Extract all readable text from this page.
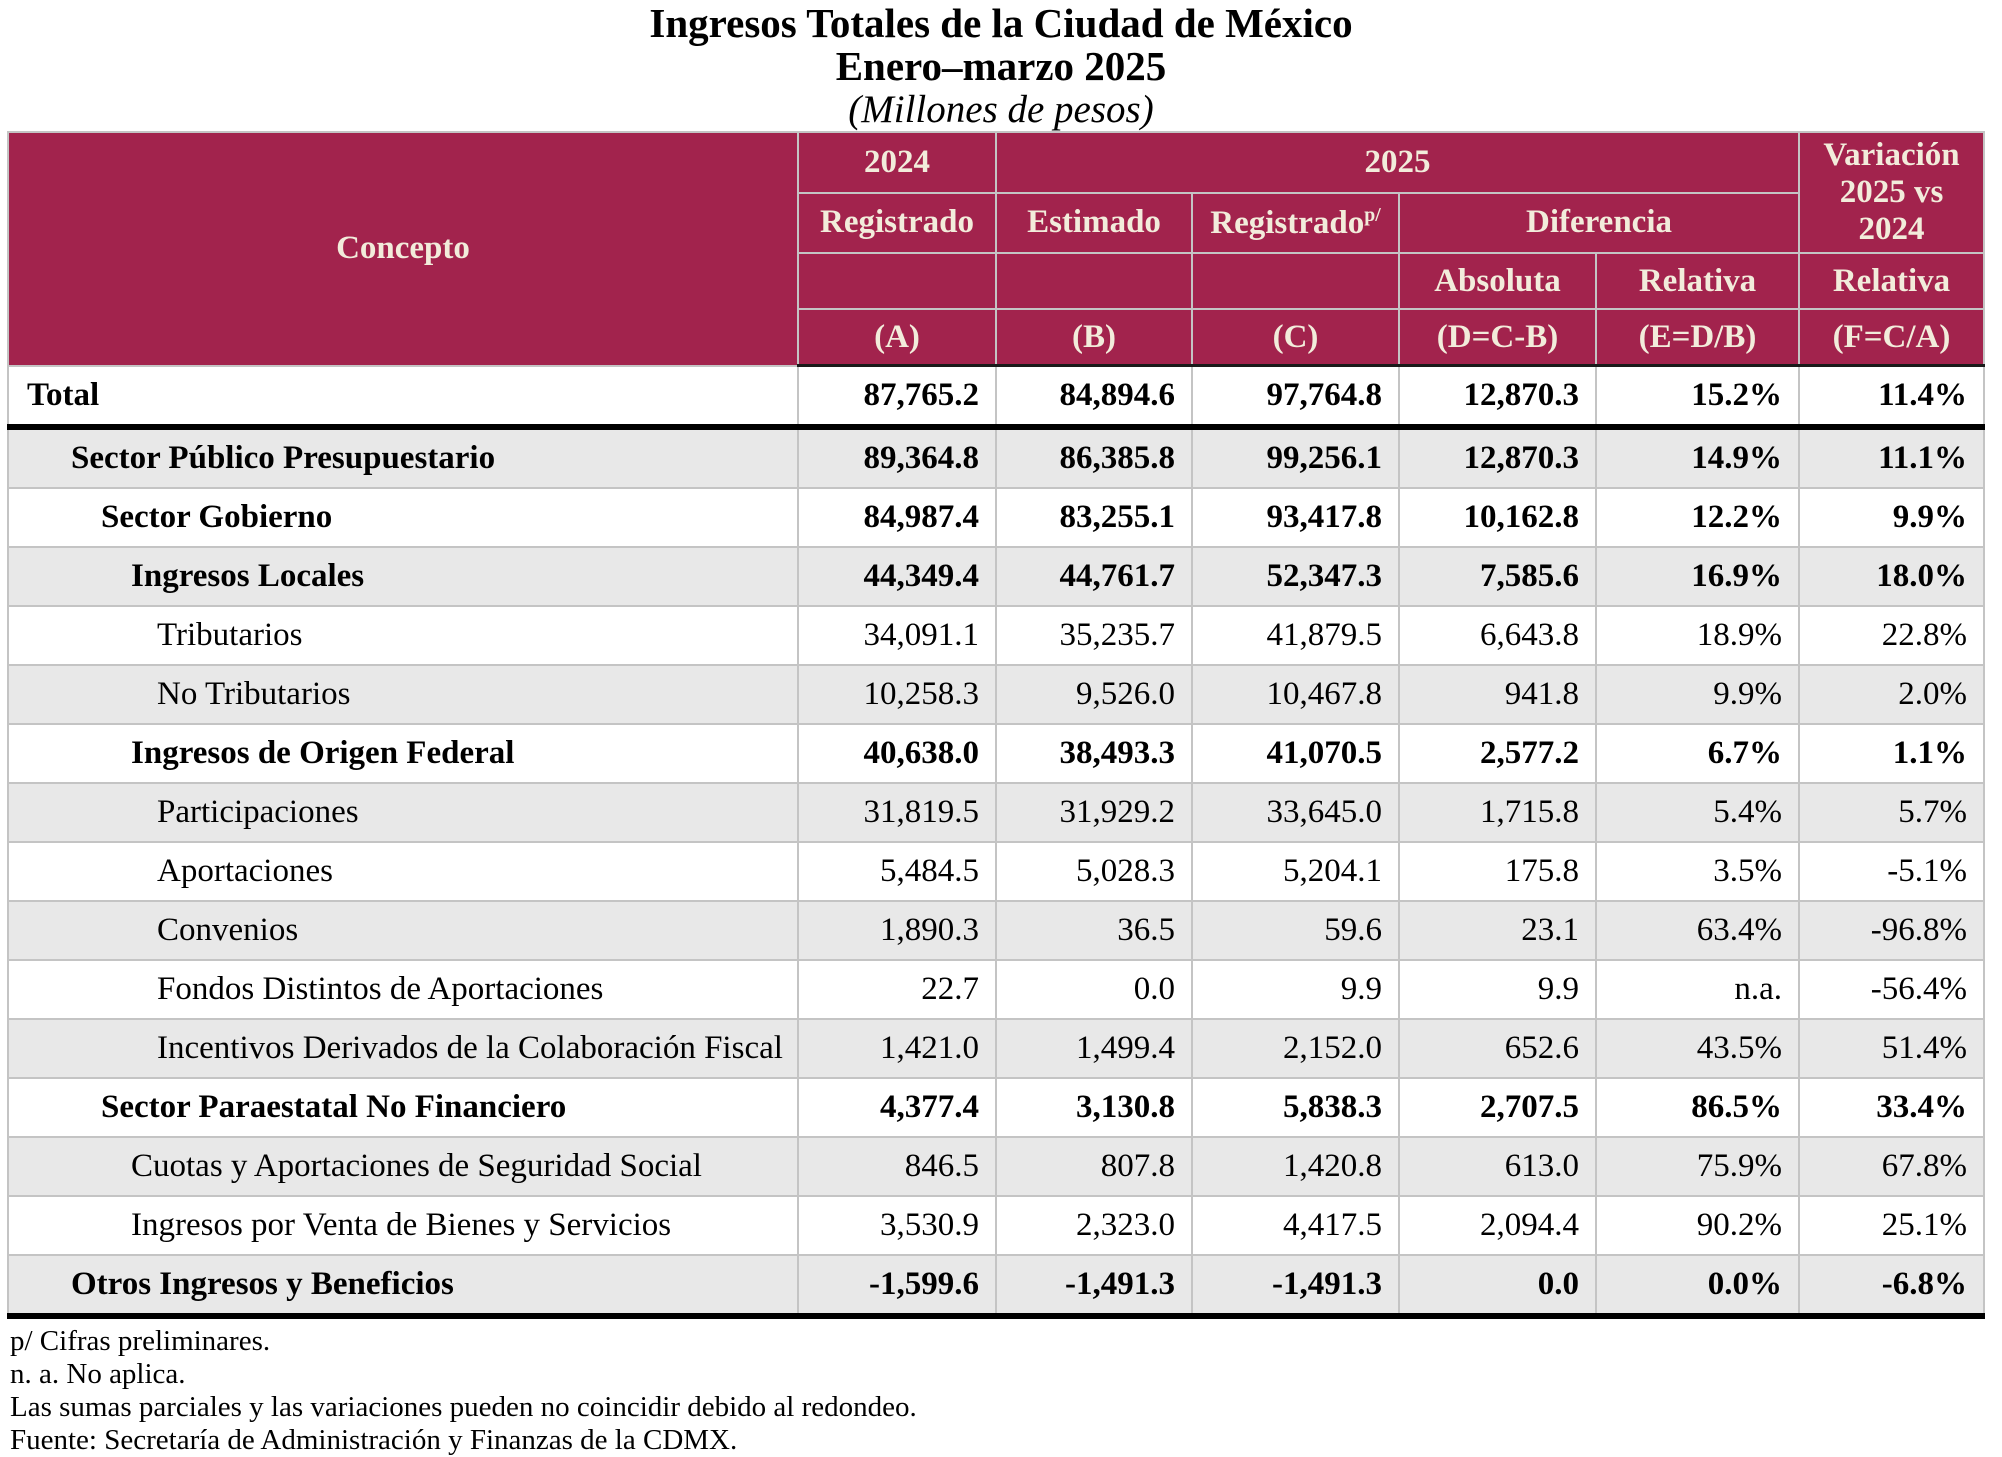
Ingresos Totales de la Ciudad de México
Enero–marzo 2025
(Millones de pesos)
Concepto	2024	2025				Variación 2025 vs 2024
	Registrado	Estimado	Registrado$^{p/}$	Diferencia		
				Absoluta	Relativa	Relativa
	(A)	(B)	(C)	(D=C-B)	(E=D/B)	(F=C/A)
Total	87,765.2	84,894.6	97,764.8	12,870.3	15.2%	11.4%
Sector Público Presupuestario	89,364.8	86,385.8	99,256.1	12,870.3	14.9%	11.1%
Sector Gobierno	84,987.4	83,255.1	93,417.8	10,162.8	12.2%	9.9%
Ingresos Locales	44,349.4	44,761.7	52,347.3	7,585.6	16.9%	18.0%
Tributarios	34,091.1	35,235.7	41,879.5	6,643.8	18.9%	22.8%
No Tributarios	10,258.3	9,526.0	10,467.8	941.8	9.9%	2.0%
Ingresos de Origen Federal	40,638.0	38,493.3	41,070.5	2,577.2	6.7%	1.1%
Participaciones	31,819.5	31,929.2	33,645.0	1,715.8	5.4%	5.7%
Aportaciones	5,484.5	5,028.3	5,204.1	175.8	3.5%	-5.1%
Convenios	1,890.3	36.5	59.6	23.1	63.4%	-96.8%
Fondos Distintos de Aportaciones	22.7	0.0	9.9	9.9	n.a.	-56.4%
Incentivos Derivados de la Colaboración Fiscal	1,421.0	1,499.4	2,152.0	652.6	43.5%	51.4%
Sector Paraestatal No Financiero	4,377.4	3,130.8	5,838.3	2,707.5	86.5%	33.4%
Cuotas y Aportaciones de Seguridad Social	846.5	807.8	1,420.8	613.0	75.9%	67.8%
Ingresos por Venta de Bienes y Servicios	3,530.9	2,323.0	4,417.5	2,094.4	90.2%	25.1%
Otros Ingresos y Beneficios	-1,599.6	-1,491.3	-1,491.3	0.0	0.0%	-6.8%
p/ Cifras preliminares.
n. a. No aplica.
Las sumas parciales y las variaciones pueden no coincidir debido al redondeo.
Fuente: Secretaría de Administración y Finanzas de la CDMX.
